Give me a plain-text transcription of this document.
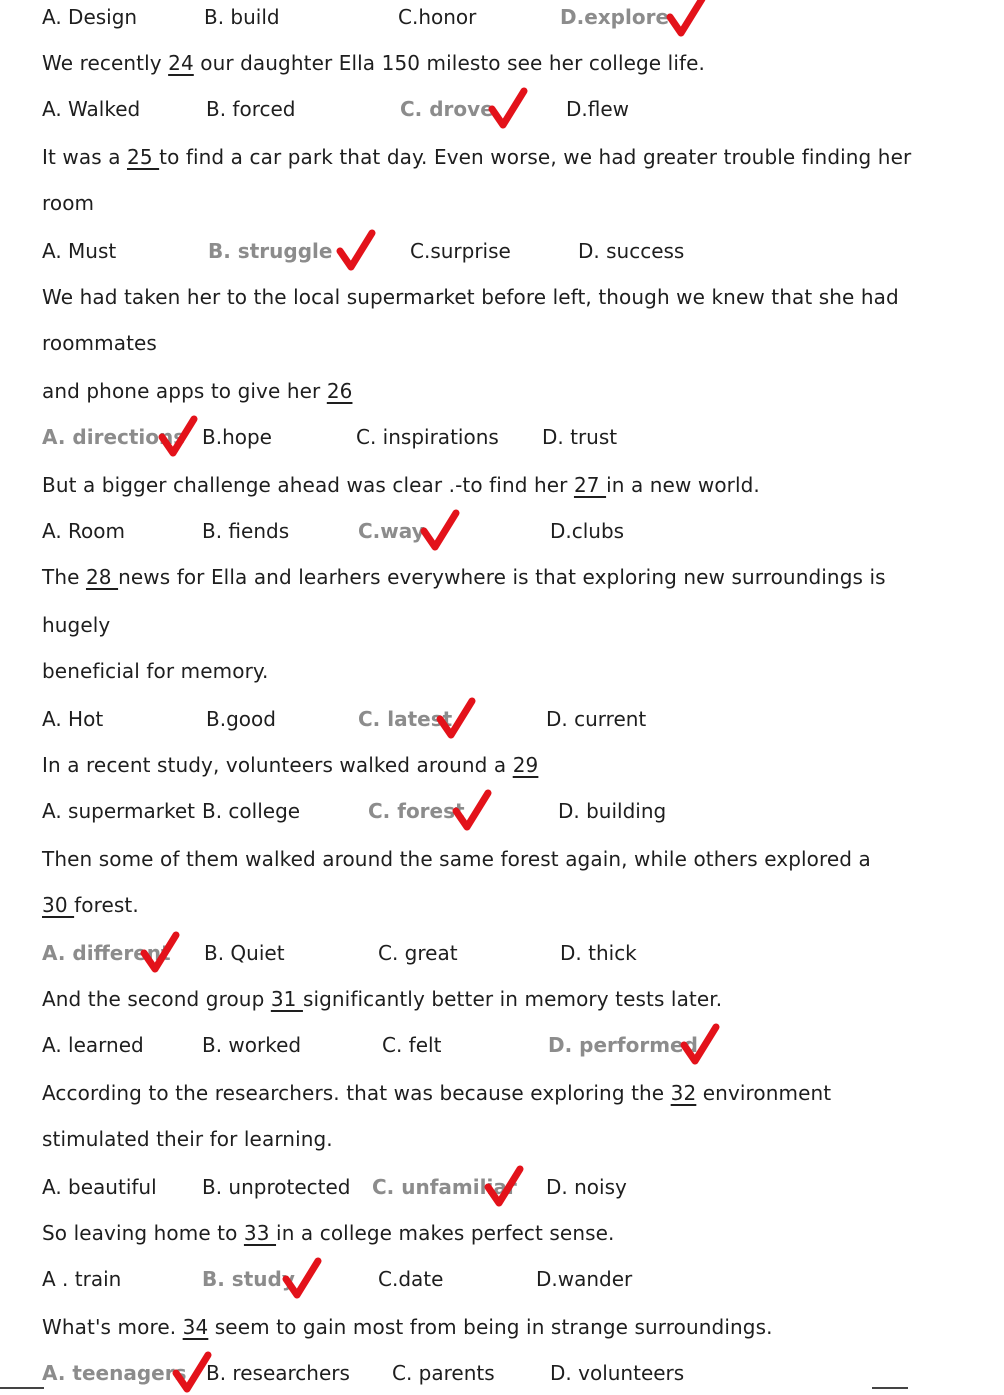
A. Design	B. build	C.honor	D.explore
We recently 24 our daughter Ella 150 milesto see her college life.
A. Walked	B. forced	C. drove	D.flew
It was a 25 to find a car park that day. Even worse, we had greater trouble finding her
room
A. Must	B. struggle	C.surprise	D. success
We had taken her to the local supermarket before left, though we knew that she had
roommates
and phone apps to give her 26
A. directions B.hope	C. inspirations D. trust
But a bigger challenge ahead was clear .-to find her 27 in a new world.
A. Room	B. fiends	C.way	D.clubs
The 28 news for Ella and learhers everywhere is that exploring new surroundings is
hugely
beneficial for memory.
A. Hot	B.good	C. latest	D. current
In a recent study, volunteers walked around a 29
A. supermarket B. college	C. forest	D. building
Then some of them walked around the same forest again, while others explored a
30 forest.
A. different B. Quiet	C. great	D. thick
And the second group 31 significantly better in memory tests later.
A. learned	B. worked	C. felt	D. performed
According to the researchers. that was because exploring the 32 environment
stimulated their for learning.
A. beautiful B. unprotected C. unfamiliar D. noisy
So leaving home to 33 in a college makes perfect sense.
A . train	B. study	C.date	D.wander
What's more. 34 seem to gain most from being in strange surroundings.
A. teenagers B. researchers C. parents	D. volunteers
